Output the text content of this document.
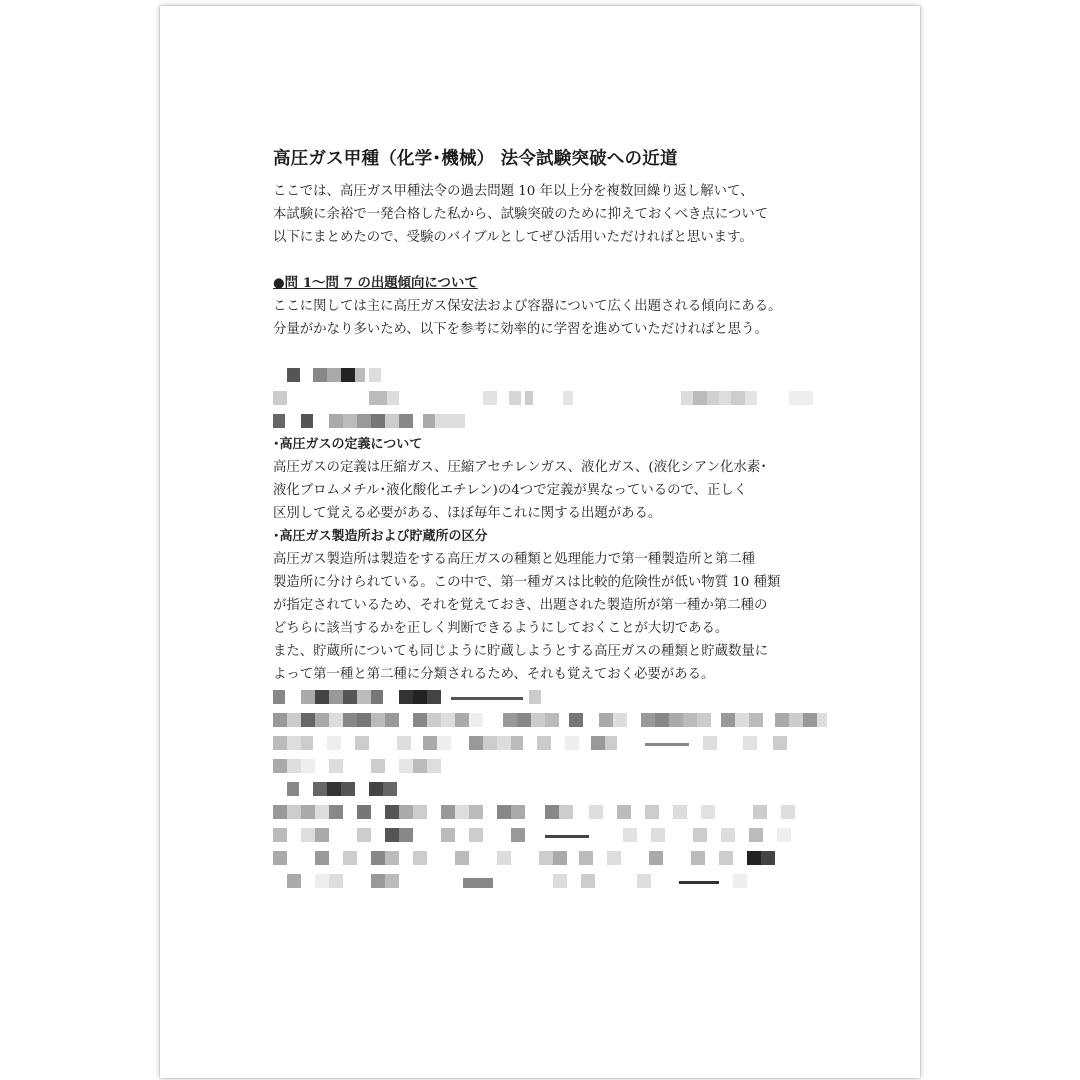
高圧ガス甲種（化学･機械） 法令試験突破への近道
ここでは、高圧ガス甲種法令の過去問題 10 年以上分を複数回繰り返し解いて、
本試験に余裕で一発合格した私から、試験突破のために抑えておくべき点について
以下にまとめたので、受験のバイブルとしてぜひ活用いただければと思います。
●問 1～問 7 の出題傾向について
ここに関しては主に高圧ガス保安法および容器について広く出題される傾向にある。
分量がかなり多いため、以下を参考に効率的に学習を進めていただければと思う。
･高圧ガスの定義について
高圧ガスの定義は圧縮ガス、圧縮アセチレンガス、液化ガス、(液化シアン化水素･
液化ブロムメチル･液化酸化エチレン)の4つで定義が異なっているので、正しく
区別して覚える必要がある、ほぼ毎年これに関する出題がある。
･高圧ガス製造所および貯蔵所の区分
高圧ガス製造所は製造をする高圧ガスの種類と処理能力で第一種製造所と第二種
製造所に分けられている。この中で、第一種ガスは比較的危険性が低い物質 10 種類
が指定されているため、それを覚えておき、出題された製造所が第一種か第二種の
どちらに該当するかを正しく判断できるようにしておくことが大切である。
また、貯蔵所についても同じように貯蔵しようとする高圧ガスの種類と貯蔵数量に
よって第一種と第二種に分類されるため、それも覚えておく必要がある。
